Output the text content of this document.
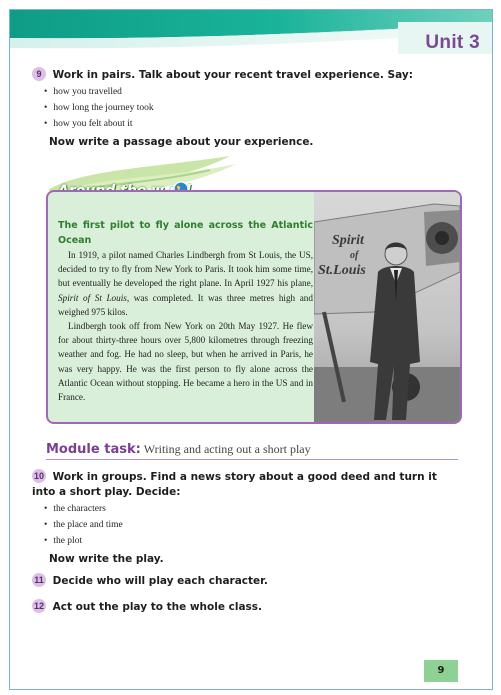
Unit 3
9 Work in pairs. Talk about your recent travel experience. Say:
• how you travelled
• how long the journey took
• how you felt about it
Now write a passage about your experience.
The first pilot to fly alone across the Atlantic Ocean

In 1919, a pilot named Charles Lindbergh from St Louis, the US, decided to try to fly from New York to Paris. It took him some time, but eventually he developed the right plane. In April 1927 his plane, Spirit of St Louis, was completed. It was three metres high and weighed 975 kilos.

Lindbergh took off from New York on 20th May 1927. He flew for about thirty-three hours over 5,800 kilometres through freezing weather and fog. He had no sleep, but when he arrived in Paris, he was very happy. He was the first person to fly alone across the Atlantic Ocean without stopping. He became a hero in the US and in France.

Spirit
of
St.Louis
Module task: Writing and acting out a short play
10 Work in groups. Find a news story about a good deed and turn it into a short play. Decide:
• the characters
• the place and time
• the plot
Now write the play.
11 Decide who will play each character.
12 Act out the play to the whole class.
9
